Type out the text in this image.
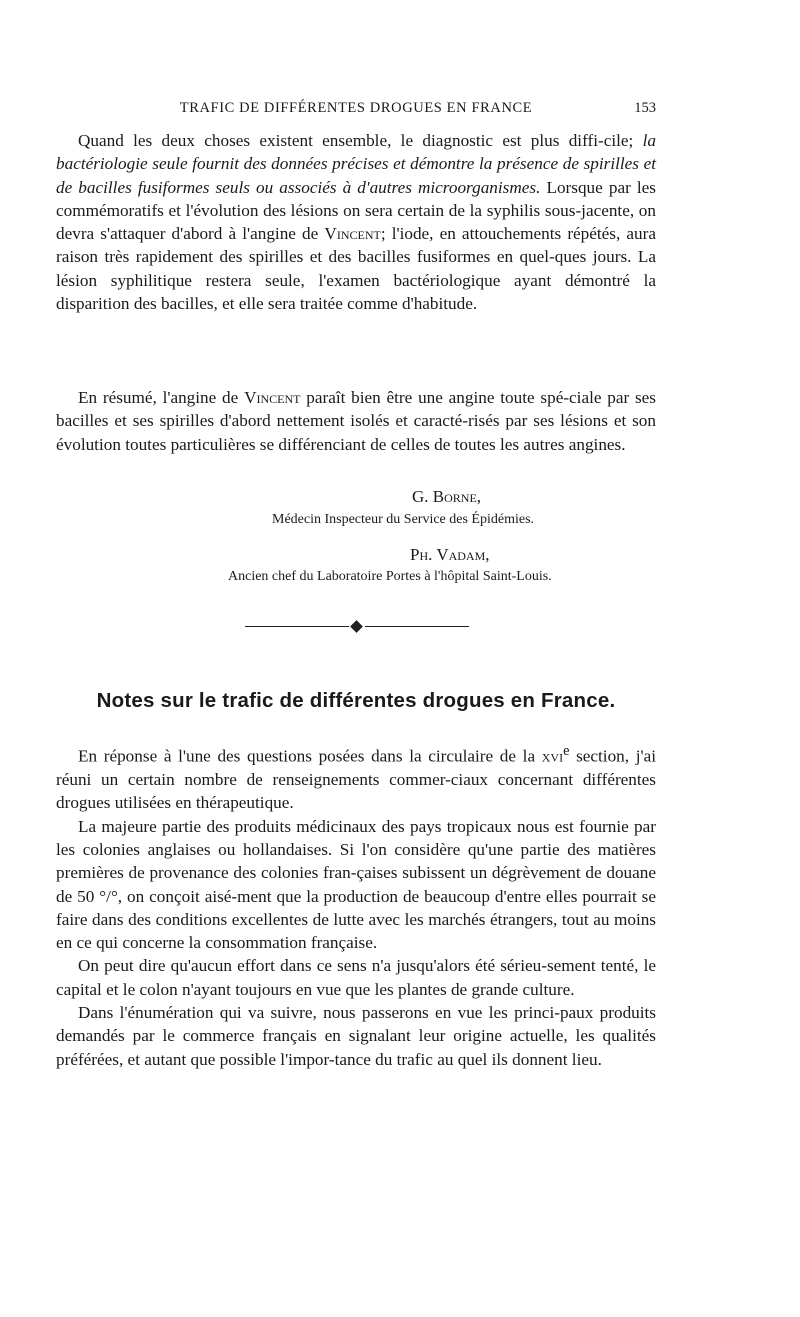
TRAFIC DE DIFFÉRENTES DROGUES EN FRANCE	153

Quand les deux choses existent ensemble, le diagnostic est plus diffi-cile; la bactériologie seule fournit des données précises et démontre la présence de spirilles et de bacilles fusiformes seuls ou associés à d'autres microorganismes. Lorsque par les commémoratifs et l'évolution des lésions on sera certain de la syphilis sous-jacente, on devra s'attaquer d'abord à l'angine de Vincent; l'iode, en attouchements répétés, aura raison très rapidement des spirilles et des bacilles fusiformes en quel-ques jours. La lésion syphilitique restera seule, l'examen bactériologique ayant démontré la disparition des bacilles, et elle sera traitée comme d'habitude.

En résumé, l'angine de Vincent paraît bien être une angine toute spé-ciale par ses bacilles et ses spirilles d'abord nettement isolés et caracté-risés par ses lésions et son évolution toutes particulières se différenciant de celles de toutes les autres angines.

G. Borne,
Médecin Inspecteur du Service des Épidémies.
Ph. Vadam,
Ancien chef du Laboratoire Portes à l'hôpital Saint-Louis.
Notes sur le trafic de différentes drogues en France.

En réponse à l'une des questions posées dans la circulaire de la xvi$^e$ section, j'ai réuni un certain nombre de renseignements commer-ciaux concernant différentes drogues utilisées en thérapeutique.

La majeure partie des produits médicinaux des pays tropicaux nous est fournie par les colonies anglaises ou hollandaises. Si l'on considère qu'une partie des matières premières de provenance des colonies fran-çaises subissent un dégrèvement de douane de 50 °/°, on conçoit aisé-ment que la production de beaucoup d'entre elles pourrait se faire dans des conditions excellentes de lutte avec les marchés étrangers, tout au moins en ce qui concerne la consommation française.

On peut dire qu'aucun effort dans ce sens n'a jusqu'alors été sérieu-sement tenté, le capital et le colon n'ayant toujours en vue que les plantes de grande culture.

Dans l'énumération qui va suivre, nous passerons en vue les princi-paux produits demandés par le commerce français en signalant leur origine actuelle, les qualités préférées, et autant que possible l'impor-tance du trafic au quel ils donnent lieu.
